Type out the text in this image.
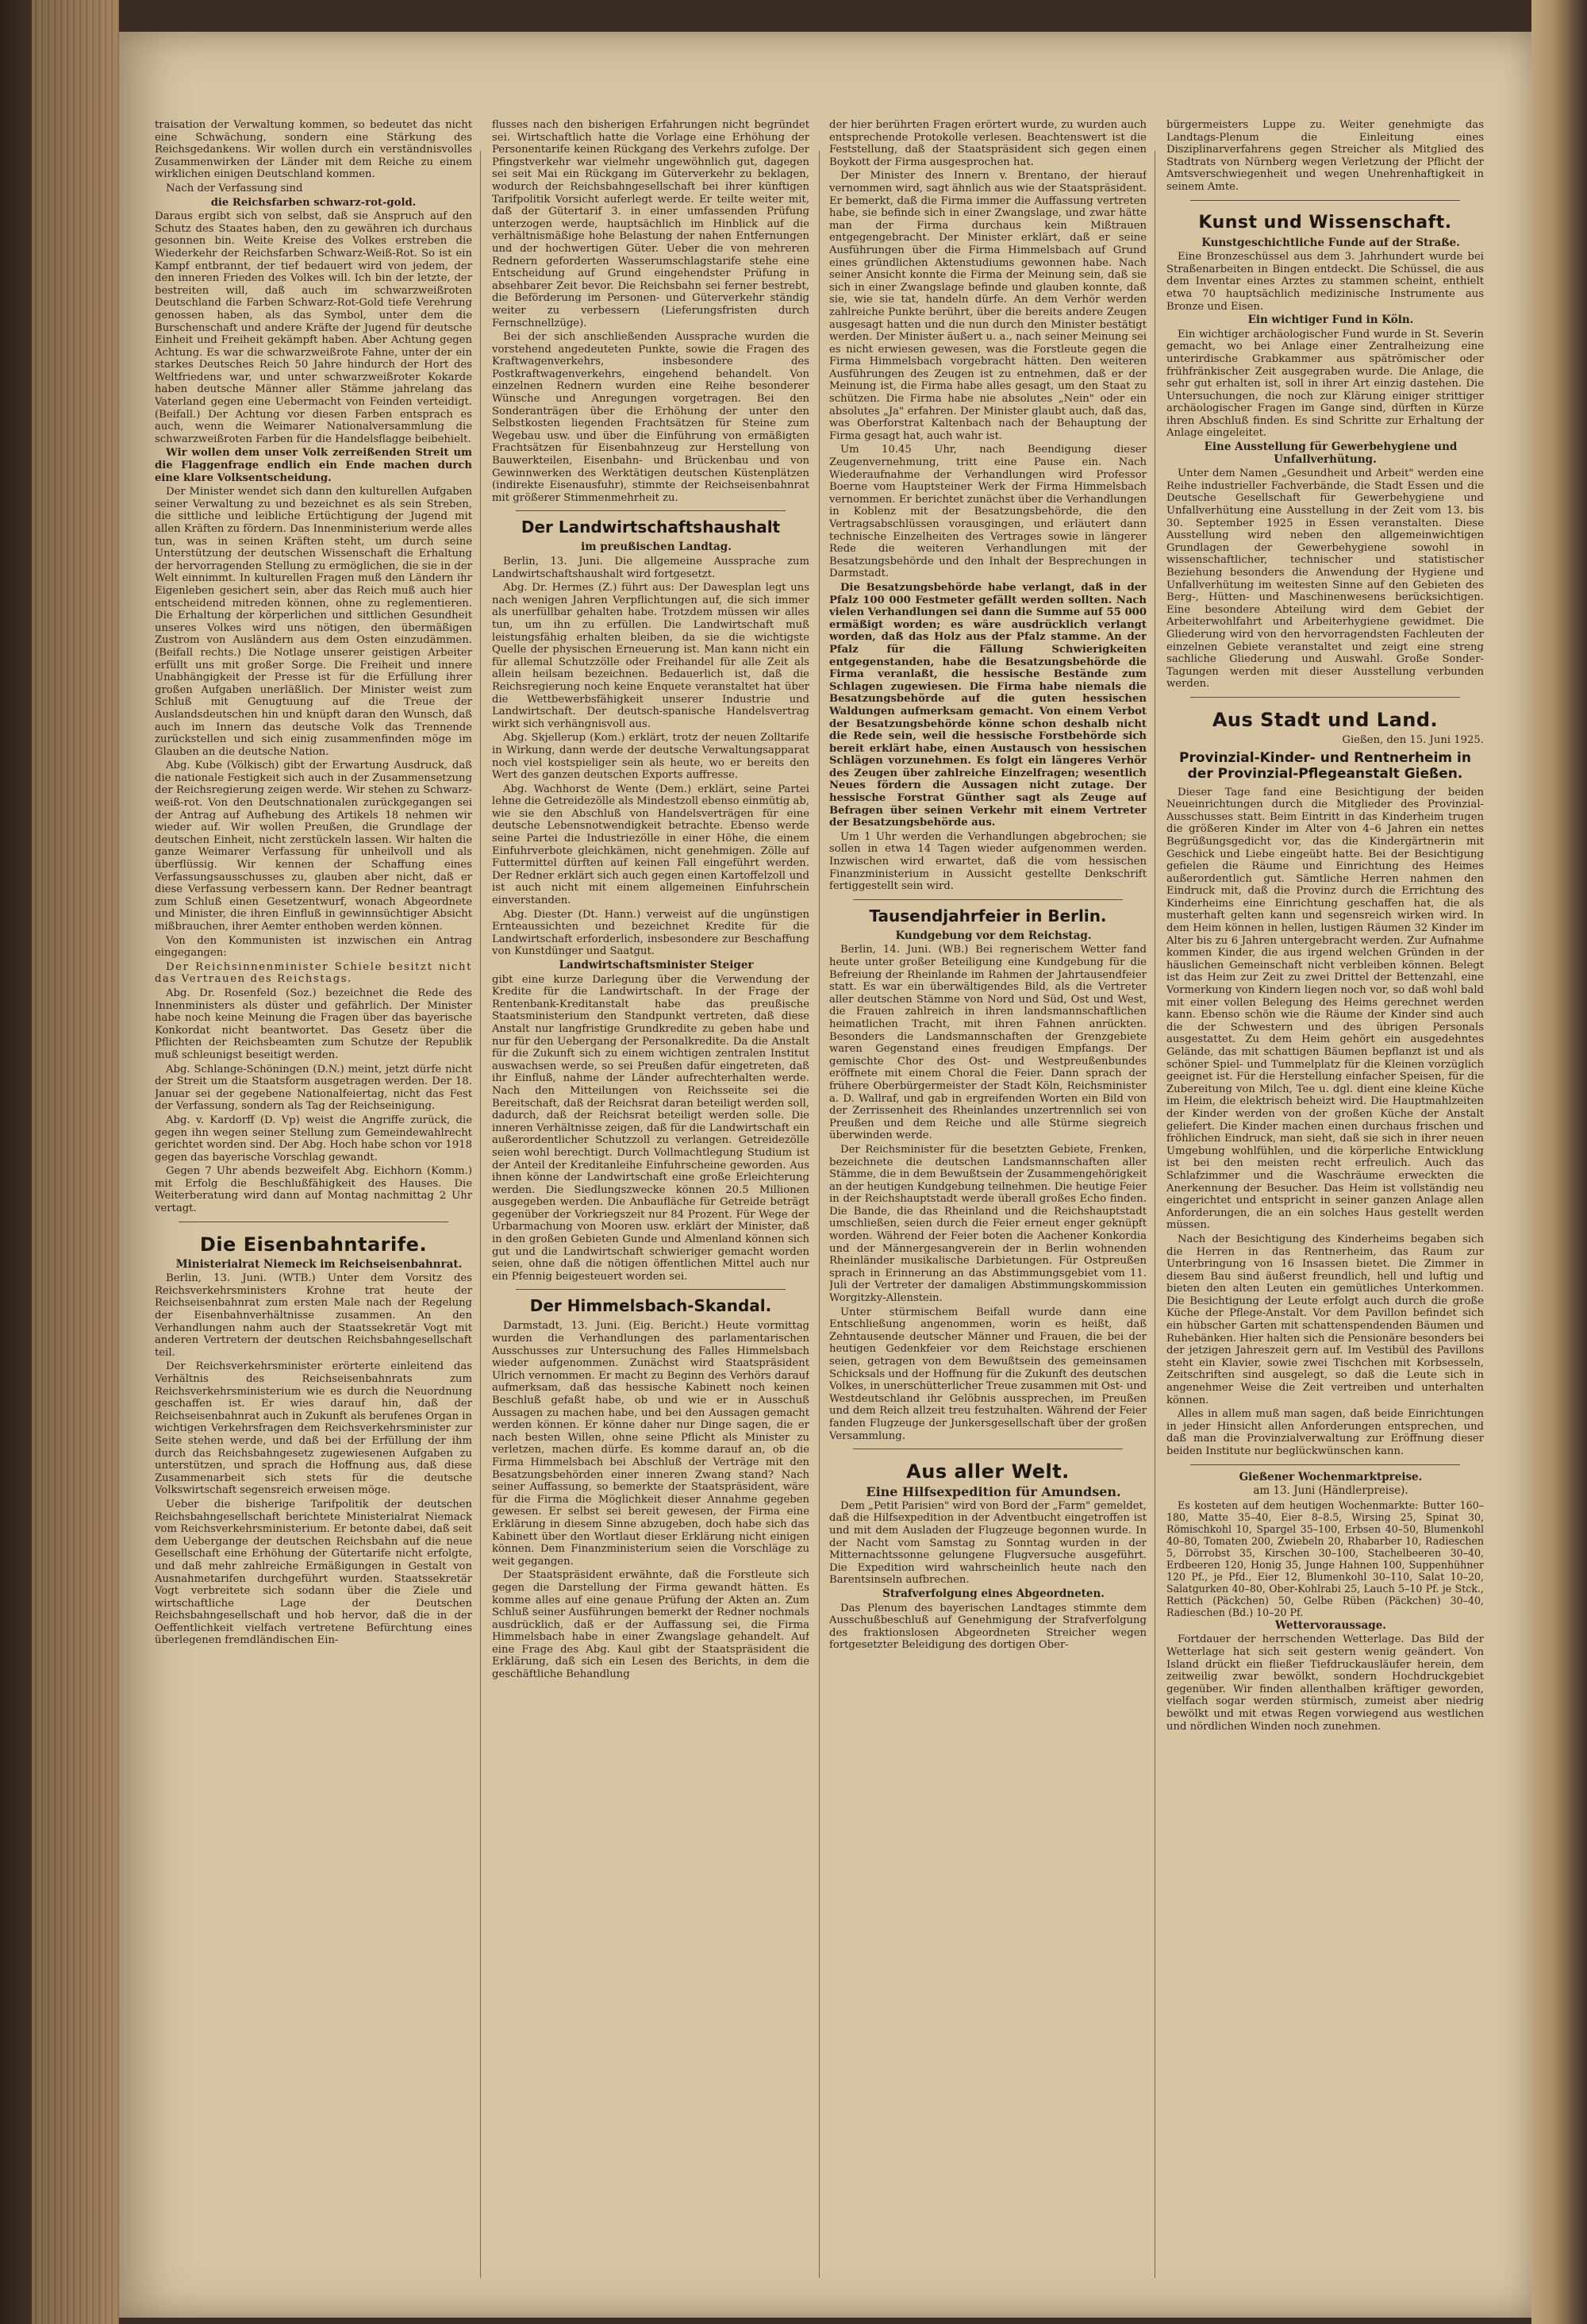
traisation der Verwaltung kommen, so bedeutet das nicht eine Schwächung, sondern eine Stärkung des Reichsgedankens. Wir wollen durch ein verständnisvolles Zusammenwirken der Länder mit dem Reiche zu einem wirklichen einigen Deutschland kommen.

Nach der Verfassung sind

die Reichsfarben schwarz-rot-gold.

Daraus ergibt sich von selbst, daß sie Anspruch auf den Schutz des Staates haben, den zu gewähren ich durchaus gesonnen bin. Weite Kreise des Volkes erstreben die Wiederkehr der Reichsfarben Schwarz-Weiß-Rot. So ist ein Kampf entbrannt, der tief bedauert wird von jedem, der den inneren Frieden des Volkes will. Ich bin der letzte, der bestreiten will, daß auch im schwarzweißroten Deutschland die Farben Schwarz-Rot-Gold tiefe Verehrung genossen haben, als das Symbol, unter dem die Burschenschaft und andere Kräfte der Jugend für deutsche Einheit und Freiheit gekämpft haben. Aber Achtung gegen Achtung. Es war die schwarzweißrote Fahne, unter der ein starkes Deutsches Reich 50 Jahre hindurch der Hort des Weltfriedens war, und unter schwarzweißroter Kokarde haben deutsche Männer aller Stämme jahrelang das Vaterland gegen eine Uebermacht von Feinden verteidigt. (Beifall.) Der Achtung vor diesen Farben entsprach es auch, wenn die Weimarer Nationalversammlung die schwarzweißroten Farben für die Handelsflagge beibehielt.

Wir wollen dem unser Volk zerreißenden Streit um die Flaggenfrage endlich ein Ende machen durch eine klare Volksentscheidung.

Der Minister wendet sich dann den kulturellen Aufgaben seiner Verwaltung zu und bezeichnet es als sein Streben, die sittliche und leibliche Ertüchtigung der Jugend mit allen Kräften zu fördern. Das Innenministerium werde alles tun, was in seinen Kräften steht, um durch seine Unterstützung der deutschen Wissenschaft die Erhaltung der hervorragenden Stellung zu ermöglichen, die sie in der Welt einnimmt. In kulturellen Fragen muß den Ländern ihr Eigenleben gesichert sein, aber das Reich muß auch hier entscheidend mitreden können, ohne zu reglementieren. Die Erhaltung der körperlichen und sittlichen Gesundheit unseres Volkes wird uns nötigen, den übermäßigen Zustrom von Ausländern aus dem Osten einzudämmen. (Beifall rechts.) Die Notlage unserer geistigen Arbeiter erfüllt uns mit großer Sorge. Die Freiheit und innere Unabhängigkeit der Presse ist für die Erfüllung ihrer großen Aufgaben unerläßlich. Der Minister weist zum Schluß mit Genugtuung auf die Treue der Auslandsdeutschen hin und knüpft daran den Wunsch, daß auch im Innern das deutsche Volk das Trennende zurückstellen und sich einig zusammenfinden möge im Glauben an die deutsche Nation.

Abg. Kube (Völkisch) gibt der Erwartung Ausdruck, daß die nationale Festigkeit sich auch in der Zusammensetzung der Reichsregierung zeigen werde. Wir stehen zu Schwarz-weiß-rot. Von den Deutschnationalen zurückgegangen sei der Antrag auf Aufhebung des Artikels 18 nehmen wir wieder auf. Wir wollen Preußen, die Grundlage der deutschen Einheit, nicht zerstückeln lassen. Wir halten die ganze Weimarer Verfassung für unheilvoll und als überflüssig. Wir kennen der Schaffung eines Verfassungsausschusses zu, glauben aber nicht, daß er diese Verfassung verbessern kann. Der Redner beantragt zum Schluß einen Gesetzentwurf, wonach Abgeordnete und Minister, die ihren Einfluß in gewinnsüchtiger Absicht mißbrauchen, ihrer Aemter enthoben werden können.

Von den Kommunisten ist inzwischen ein Antrag eingegangen:

Der Reichsinnenminister Schiele besitzt nicht das Vertrauen des Reichstags.

Abg. Dr. Rosenfeld (Soz.) bezeichnet die Rede des Innenministers als düster und gefährlich. Der Minister habe noch keine Meinung die Fragen über das bayerische Konkordat nicht beantwortet. Das Gesetz über die Pflichten der Reichsbeamten zum Schutze der Republik muß schleunigst beseitigt werden.

Abg. Schlange-Schöningen (D.N.) meint, jetzt dürfe nicht der Streit um die Staatsform ausgetragen werden. Der 18. Januar sei der gegebene Nationalfeiertag, nicht das Fest der Verfassung, sondern als Tag der Reichseinigung.

Abg. v. Kardorff (D. Vp) weist die Angriffe zurück, die gegen ihn wegen seiner Stellung zum Gemeindewahlrecht gerichtet worden sind. Der Abg. Hoch habe schon vor 1918 gegen das bayerische Vorschlag gewandt.

Gegen 7 Uhr abends bezweifelt Abg. Eichhorn (Komm.) mit Erfolg die Beschlußfähigkeit des Hauses. Die Weiterberatung wird dann auf Montag nachmittag 2 Uhr vertagt.

Die Eisenbahntarife.

Ministerialrat Niemeck im Reichseisenbahnrat.

Berlin, 13. Juni. (WTB.) Unter dem Vorsitz des Reichsverkehrsministers Krohne trat heute der Reichseisenbahnrat zum ersten Male nach der Regelung der Eisenbahnverhältnisse zusammen. An den Verhandlungen nahm auch der Staatssekretär Vogt mit anderen Vertretern der deutschen Reichsbahngesellschaft teil.

Der Reichsverkehrsminister erörterte einleitend das Verhältnis des Reichseisenbahnrats zum Reichsverkehrsministerium wie es durch die Neuordnung geschaffen ist. Er wies darauf hin, daß der Reichseisenbahnrat auch in Zukunft als berufenes Organ in wichtigen Verkehrsfragen dem Reichsverkehrsminister zur Seite stehen werde, und daß bei der Erfüllung der ihm durch das Reichsbahngesetz zugewiesenen Aufgaben zu unterstützen, und sprach die Hoffnung aus, daß diese Zusammenarbeit sich stets für die deutsche Volkswirtschaft segensreich erweisen möge.

Ueber die bisherige Tarifpolitik der deutschen Reichsbahngesellschaft berichtete Ministerialrat Niemack vom Reichsverkehrsministerium. Er betonte dabei, daß seit dem Uebergange der deutschen Reichsbahn auf die neue Gesellschaft eine Erhöhung der Gütertarife nicht erfolgte, und daß mehr zahlreiche Ermäßigungen in Gestalt von Ausnahmetarifen durchgeführt wurden. Staatssekretär Vogt verbreitete sich sodann über die Ziele und wirtschaftliche Lage der Deutschen Reichsbahngesellschaft und hob hervor, daß die in der Oeffentlichkeit vielfach vertretene Befürchtung eines überlegenen fremdländischen Ein-

flusses nach den bisherigen Erfahrungen nicht begründet sei. Wirtschaftlich hatte die Vorlage eine Erhöhung der Personentarife keinen Rückgang des Verkehrs zufolge. Der Pfingstverkehr war vielmehr ungewöhnlich gut, dagegen sei seit Mai ein Rückgang im Güterverkehr zu beklagen, wodurch der Reichsbahngesellschaft bei ihrer künftigen Tarifpolitik Vorsicht auferlegt werde. Er teilte weiter mit, daß der Gütertarif 3. in einer umfassenden Prüfung unterzogen werde, hauptsächlich im Hinblick auf die verhältnismäßige hohe Belastung der nahen Entfernungen und der hochwertigen Güter. Ueber die von mehreren Rednern geforderten Wasserumschlagstarife stehe eine Entscheidung auf Grund eingehendster Prüfung in absehbarer Zeit bevor. Die Reichsbahn sei ferner bestrebt, die Beförderung im Personen- und Güterverkehr ständig weiter zu verbessern (Lieferungsfristen durch Fernschnellzüge).

Bei der sich anschließenden Aussprache wurden die vorstehend angedeuteten Punkte, sowie die Fragen des Kraftwagenverkehrs, insbesondere des Postkraftwagenverkehrs, eingehend behandelt. Von einzelnen Rednern wurden eine Reihe besonderer Wünsche und Anregungen vorgetragen. Bei den Sonderanträgen über die Erhöhung der unter den Selbstkosten liegenden Frachtsätzen für Steine zum Wegebau usw. und über die Einführung von ermäßigten Frachtsätzen für Eisenbahnzeug zur Herstellung von Bauwerkteilen, Eisenbahn- und Brückenbau und von Gewinnwerken des Werktätigen deutschen Küstenplätzen (indirekte Eisenausfuhr), stimmte der Reichseisenbahnrat mit größerer Stimmenmehrheit zu.

Der Landwirtschaftshaushalt

im preußischen Landtag.

Berlin, 13. Juni. Die allgemeine Aussprache zum Landwirtschaftshaushalt wird fortgesetzt.

Abg. Dr. Hermes (Z.) führt aus: Der Dawesplan legt uns nach wenigen Jahren Verpflichtungen auf, die sich immer als unerfüllbar gehalten habe. Trotzdem müssen wir alles tun, um ihn zu erfüllen. Die Landwirtschaft muß leistungsfähig erhalten bleiben, da sie die wichtigste Quelle der physischen Erneuerung ist. Man kann nicht ein für allemal Schutzzölle oder Freihandel für alle Zeit als allein heilsam bezeichnen. Bedauerlich ist, daß die Reichsregierung noch keine Enquete veranstaltet hat über die Wettbewerbsfähigkeit unserer Industrie und Landwirtschaft. Der deutsch-spanische Handelsvertrag wirkt sich verhängnisvoll aus.

Abg. Skjellerup (Kom.) erklärt, trotz der neuen Zolltarife in Wirkung, dann werde der deutsche Verwaltungsapparat noch viel kostspieliger sein als heute, wo er bereits den Wert des ganzen deutschen Exports auffresse.

Abg. Wachhorst de Wente (Dem.) erklärt, seine Partei lehne die Getreidezölle als Mindestzoll ebenso einmütig ab, wie sie den Abschluß von Handelsverträgen für eine deutsche Lebensnotwendigkeit betrachte. Ebenso werde seine Partei die Industriezölle in einer Höhe, die einem Einfuhrverbote gleichkämen, nicht genehmigen. Zölle auf Futtermittel dürften auf keinen Fall eingeführt werden. Der Redner erklärt sich auch gegen einen Kartoffelzoll und ist auch nicht mit einem allgemeinen Einfuhrschein einverstanden.

Abg. Diester (Dt. Hann.) verweist auf die ungünstigen Ernteaussichten und bezeichnet Kredite für die Landwirtschaft erforderlich, insbesondere zur Beschaffung von Kunstdünger und Saatgut.

Landwirtschaftsminister Steiger

gibt eine kurze Darlegung über die Verwendung der Kredite für die Landwirtschaft. In der Frage der Rentenbank-Kreditanstalt habe das preußische Staatsministerium den Standpunkt vertreten, daß diese Anstalt nur langfristige Grundkredite zu geben habe und nur für den Uebergang der Personalkredite. Da die Anstalt für die Zukunft sich zu einem wichtigen zentralen Institut auswachsen werde, so sei Preußen dafür eingetreten, daß ihr Einfluß, nahme der Länder aufrechterhalten werde. Nach den Mitteilungen von Reichsseite sei die Bereitschaft, daß der Reichsrat daran beteiligt werden soll, dadurch, daß der Reichsrat beteiligt werden solle. Die inneren Verhältnisse zeigen, daß für die Landwirtschaft ein außerordentlicher Schutzzoll zu verlangen. Getreidezölle seien wohl berechtigt. Durch Vollmachtlegung Studium ist der Anteil der Kreditanleihe Einfuhrscheine geworden. Aus ihnen könne der Landwirtschaft eine große Erleichterung werden. Die Siedlungszwecke können 20.5 Millionen ausgegeben werden. Die Anbaufläche für Getreide beträgt gegenüber der Vorkriegszeit nur 84 Prozent. Für Wege der Urbarmachung von Mooren usw. erklärt der Minister, daß in den großen Gebieten Gunde und Almenland können sich gut und die Landwirtschaft schwieriger gemacht worden seien, ohne daß die nötigen öffentlichen Mittel auch nur ein Pfennig beigesteuert worden sei.

Der Himmelsbach-Skandal.

Darmstadt, 13. Juni. (Eig. Bericht.) Heute vormittag wurden die Verhandlungen des parlamentarischen Ausschusses zur Untersuchung des Falles Himmelsbach wieder aufgenommen. Zunächst wird Staatspräsident Ulrich vernommen. Er macht zu Beginn des Verhörs darauf aufmerksam, daß das hessische Kabinett noch keinen Beschluß gefaßt habe, ob und wie er in Ausschuß Aussagen zu machen habe, und bei den Aussagen gemacht werden können. Er könne daher nur Dinge sagen, die er nach besten Willen, ohne seine Pflicht als Minister zu verletzen, machen dürfe. Es komme darauf an, ob die Firma Himmelsbach bei Abschluß der Verträge mit den Besatzungsbehörden einer inneren Zwang stand? Nach seiner Auffassung, so bemerkte der Staatspräsident, wäre für die Firma die Möglichkeit dieser Annahme gegeben gewesen. Er selbst sei bereit gewesen, der Firma eine Erklärung in diesem Sinne abzugeben, doch habe sich das Kabinett über den Wortlaut dieser Erklärung nicht einigen können. Dem Finanzministerium seien die Vorschläge zu weit gegangen.

Der Staatspräsident erwähnte, daß die Forstleute sich gegen die Darstellung der Firma gewandt hätten. Es komme alles auf eine genaue Prüfung der Akten an. Zum Schluß seiner Ausführungen bemerkt der Redner nochmals ausdrücklich, daß er der Auffassung sei, die Firma Himmelsbach habe in einer Zwangslage gehandelt. Auf eine Frage des Abg. Kaul gibt der Staatspräsident die Erklärung, daß sich ein Lesen des Berichts, in dem die geschäftliche Behandlung

der hier berührten Fragen erörtert wurde, zu wurden auch entsprechende Protokolle verlesen. Beachtenswert ist die Feststellung, daß der Staatspräsident sich gegen einen Boykott der Firma ausgesprochen hat.

Der Minister des Innern v. Brentano, der hierauf vernommen wird, sagt ähnlich aus wie der Staatspräsident. Er bemerkt, daß die Firma immer die Auffassung vertreten habe, sie befinde sich in einer Zwangslage, und zwar hätte man der Firma durchaus kein Mißtrauen entgegengebracht. Der Minister erklärt, daß er seine Ausführungen über die Firma Himmelsbach auf Grund eines gründlichen Aktenstudiums gewonnen habe. Nach seiner Ansicht konnte die Firma der Meinung sein, daß sie sich in einer Zwangslage befinde und glauben konnte, daß sie, wie sie tat, handeln dürfe. An dem Verhör werden zahlreiche Punkte berührt, über die bereits andere Zeugen ausgesagt hatten und die nun durch den Minister bestätigt werden. Der Minister äußert u. a., nach seiner Meinung sei es nicht erwiesen gewesen, was die Forstleute gegen die Firma Himmelsbach vorgebracht hätten. Den weiteren Ausführungen des Zeugen ist zu entnehmen, daß er der Meinung ist, die Firma habe alles gesagt, um den Staat zu schützen. Die Firma habe nie absolutes „Nein" oder ein absolutes „Ja" erfahren. Der Minister glaubt auch, daß das, was Oberforstrat Kaltenbach nach der Behauptung der Firma gesagt hat, auch wahr ist.

Um 10.45 Uhr, nach Beendigung dieser Zeugenvernehmung, tritt eine Pause ein. Nach Wiederaufnahme der Verhandlungen wird Professor Boerne vom Hauptsteiner Werk der Firma Himmelsbach vernommen. Er berichtet zunächst über die Verhandlungen in Koblenz mit der Besatzungsbehörde, die den Vertragsabschlüssen vorausgingen, und erläutert dann technische Einzelheiten des Vertrages sowie in längerer Rede die weiteren Verhandlungen mit der Besatzungsbehörde und den Inhalt der Besprechungen in Darmstadt.

Die Besatzungsbehörde habe verlangt, daß in der Pfalz 100 000 Festmeter gefällt werden sollten. Nach vielen Verhandlungen sei dann die Summe auf 55 000 ermäßigt worden; es wäre ausdrücklich verlangt worden, daß das Holz aus der Pfalz stamme. An der Pfalz für die Fällung Schwierigkeiten entgegenstanden, habe die Besatzungsbehörde die Firma veranlaßt, die hessische Bestände zum Schlagen zugewiesen. Die Firma habe niemals die Besatzungsbehörde auf die guten hessischen Waldungen aufmerksam gemacht. Von einem Verbot der Besatzungsbehörde könne schon deshalb nicht die Rede sein, weil die hessische Forstbehörde sich bereit erklärt habe, einen Austausch von hessischen Schlägen vorzunehmen. Es folgt ein längeres Verhör des Zeugen über zahlreiche Einzelfragen; wesentlich Neues fördern die Aussagen nicht zutage. Der hessische Forstrat Günther sagt als Zeuge auf Befragen über seinen Verkehr mit einem Vertreter der Besatzungsbehörde aus.

Um 1 Uhr werden die Verhandlungen abgebrochen; sie sollen in etwa 14 Tagen wieder aufgenommen werden. Inzwischen wird erwartet, daß die vom hessischen Finanzministerium in Aussicht gestellte Denkschrift fertiggestellt sein wird.

Tausendjahrfeier in Berlin.

Kundgebung vor dem Reichstag.

Berlin, 14. Juni. (WB.) Bei regnerischem Wetter fand heute unter großer Beteiligung eine Kundgebung für die Befreiung der Rheinlande im Rahmen der Jahrtausendfeier statt. Es war ein überwältigendes Bild, als die Vertreter aller deutschen Stämme von Nord und Süd, Ost und West, die Frauen zahlreich in ihren landsmannschaftlichen heimatlichen Tracht, mit ihren Fahnen anrückten. Besonders die Landsmannschaften der Grenzgebiete waren Gegenstand eines freudigen Empfangs. Der gemischte Chor des Ost- und Westpreußenbundes eröffnete mit einem Choral die Feier. Dann sprach der frühere Oberbürgermeister der Stadt Köln, Reichsminister a. D. Wallraf, und gab in ergreifenden Worten ein Bild von der Zerrissenheit des Rheinlandes unzertrennlich sei von Preußen und dem Reiche und alle Stürme siegreich überwinden werde.

Der Reichsminister für die besetzten Gebiete, Frenken, bezeichnete die deutschen Landsmannschaften aller Stämme, die in dem Bewußtsein der Zusammengehörigkeit an der heutigen Kundgebung teilnehmen. Die heutige Feier in der Reichshauptstadt werde überall großes Echo finden. Die Bande, die das Rheinland und die Reichshauptstadt umschließen, seien durch die Feier erneut enger geknüpft worden. Während der Feier boten die Aachener Konkordia und der Männergesangverein der in Berlin wohnenden Rheinländer musikalische Darbietungen. Für Ostpreußen sprach in Erinnerung an das Abstimmungsgebiet vom 11. Juli der Vertreter der damaligen Abstimmungskommission Worgitzky-Allenstein.

Unter stürmischem Beifall wurde dann eine Entschließung angenommen, worin es heißt, daß Zehntausende deutscher Männer und Frauen, die bei der heutigen Gedenkfeier vor dem Reichstage erschienen seien, getragen von dem Bewußtsein des gemeinsamen Schicksals und der Hoffnung für die Zukunft des deutschen Volkes, in unerschütterlicher Treue zusammen mit Ost- und Westdeutschland ihr Gelöbnis aussprechen, im Preußen und dem Reich allzeit treu festzuhalten. Während der Feier fanden Flugzeuge der Junkersgesellschaft über der großen Versammlung.

Aus aller Welt.

Eine Hilfsexpedition für Amundsen.

Dem „Petit Parisien" wird von Bord der „Farm" gemeldet, daß die Hilfsexpedition in der Adventbucht eingetroffen ist und mit dem Ausladen der Flugzeuge begonnen wurde. In der Nacht vom Samstag zu Sonntag wurden in der Mitternachtssonne gelungene Flugversuche ausgeführt. Die Expedition wird wahrscheinlich heute nach den Barentsinseln aufbrechen.

Strafverfolgung eines Abgeordneten.

Das Plenum des bayerischen Landtages stimmte dem Ausschußbeschluß auf Genehmigung der Strafverfolgung des fraktionslosen Abgeordneten Streicher wegen fortgesetzter Beleidigung des dortigen Ober-

bürgermeisters Luppe zu. Weiter genehmigte das Landtags-Plenum die Einleitung eines Disziplinarverfahrens gegen Streicher als Mitglied des Stadtrats von Nürnberg wegen Verletzung der Pflicht der Amtsverschwiegenheit und wegen Unehrenhaftigkeit in seinem Amte.

Kunst und Wissenschaft.

Kunstgeschichtliche Funde auf der Straße.

Eine Bronzeschüssel aus dem 3. Jahrhundert wurde bei Straßenarbeiten in Bingen entdeckt. Die Schüssel, die aus dem Inventar eines Arztes zu stammen scheint, enthielt etwa 70 hauptsächlich medizinische Instrumente aus Bronze und Eisen.

Ein wichtiger Fund in Köln.

Ein wichtiger archäologischer Fund wurde in St. Severin gemacht, wo bei Anlage einer Zentralheizung eine unterirdische Grabkammer aus spätrömischer oder frühfränkischer Zeit ausgegraben wurde. Die Anlage, die sehr gut erhalten ist, soll in ihrer Art einzig dastehen. Die Untersuchungen, die noch zur Klärung einiger strittiger archäologischer Fragen im Gange sind, dürften in Kürze ihren Abschluß finden. Es sind Schritte zur Erhaltung der Anlage eingeleitet.

Eine Ausstellung für Gewerbehygiene und Unfallverhütung.

Unter dem Namen „Gesundheit und Arbeit" werden eine Reihe industrieller Fachverbände, die Stadt Essen und die Deutsche Gesellschaft für Gewerbehygiene und Unfallverhütung eine Ausstellung in der Zeit vom 13. bis 30. September 1925 in Essen veranstalten. Diese Ausstellung wird neben den allgemeinwichtigen Grundlagen der Gewerbehygiene sowohl in wissenschaftlicher, technischer und statistischer Beziehung besonders die Anwendung der Hygiene und Unfallverhütung im weitesten Sinne auf den Gebieten des Berg-, Hütten- und Maschinenwesens berücksichtigen. Eine besondere Abteilung wird dem Gebiet der Arbeiterwohlfahrt und Arbeiterhygiene gewidmet. Die Gliederung wird von den hervorragendsten Fachleuten der einzelnen Gebiete veranstaltet und zeigt eine streng sachliche Gliederung und Auswahl. Große Sonder-Tagungen werden mit dieser Ausstellung verbunden werden.

Aus Stadt und Land.

Gießen, den 15. Juni 1925.

Provinzial-Kinder- und Rentnerheim in der Provinzial-Pflegeanstalt Gießen.

Dieser Tage fand eine Besichtigung der beiden Neueinrichtungen durch die Mitglieder des Provinzial-Ausschusses statt. Beim Eintritt in das Kinderheim trugen die größeren Kinder im Alter von 4–6 Jahren ein nettes Begrüßungsgedicht vor, das die Kindergärtnerin mit Geschick und Liebe eingeübt hatte. Bei der Besichtigung gefielen die Räume und Einrichtung des Heimes außerordentlich gut. Sämtliche Herren nahmen den Eindruck mit, daß die Provinz durch die Errichtung des Kinderheims eine Einrichtung geschaffen hat, die als musterhaft gelten kann und segensreich wirken wird. In dem Heim können in hellen, lustigen Räumen 32 Kinder im Alter bis zu 6 Jahren untergebracht werden. Zur Aufnahme kommen Kinder, die aus irgend welchen Gründen in der häuslichen Gemeinschaft nicht verbleiben können. Belegt ist das Heim zur Zeit zu zwei Drittel der Bettenzahl, eine Vormerkung von Kindern liegen noch vor, so daß wohl bald mit einer vollen Belegung des Heims gerechnet werden kann. Ebenso schön wie die Räume der Kinder sind auch die der Schwestern und des übrigen Personals ausgestattet. Zu dem Heim gehört ein ausgedehntes Gelände, das mit schattigen Bäumen bepflanzt ist und als schöner Spiel- und Tummelplatz für die Kleinen vorzüglich geeignet ist. Für die Herstellung einfacher Speisen, für die Zubereitung von Milch, Tee u. dgl. dient eine kleine Küche im Heim, die elektrisch beheizt wird. Die Hauptmahlzeiten der Kinder werden von der großen Küche der Anstalt geliefert. Die Kinder machen einen durchaus frischen und fröhlichen Eindruck, man sieht, daß sie sich in ihrer neuen Umgebung wohlfühlen, und die körperliche Entwicklung ist bei den meisten recht erfreulich. Auch das Schlafzimmer und die Waschräume erweckten die Anerkennung der Besucher. Das Heim ist vollständig neu eingerichtet und entspricht in seiner ganzen Anlage allen Anforderungen, die an ein solches Haus gestellt werden müssen.

Nach der Besichtigung des Kinderheims begaben sich die Herren in das Rentnerheim, das Raum zur Unterbringung von 16 Insassen bietet. Die Zimmer in diesem Bau sind äußerst freundlich, hell und luftig und bieten den alten Leuten ein gemütliches Unterkommen. Die Besichtigung der Leute erfolgt auch durch die große Küche der Pflege-Anstalt. Vor dem Pavillon befindet sich ein hübscher Garten mit schattenspendenden Bäumen und Ruhebänken. Hier halten sich die Pensionäre besonders bei der jetzigen Jahreszeit gern auf. Im Vestibül des Pavillons steht ein Klavier, sowie zwei Tischchen mit Korbsesseln, Zeitschriften sind ausgelegt, so daß die Leute sich in angenehmer Weise die Zeit vertreiben und unterhalten können.

Alles in allem muß man sagen, daß beide Einrichtungen in jeder Hinsicht allen Anforderungen entsprechen, und daß man die Provinzialverwaltung zur Eröffnung dieser beiden Institute nur beglückwünschen kann.

Gießener Wochenmarktpreise.

am 13. Juni (Händlerpreise).

Es kosteten auf dem heutigen Wochenmarkte: Butter 160–180, Matte 35–40, Eier 8–8.5, Wirsing 25, Spinat 30, Römischkohl 10, Spargel 35–100, Erbsen 40–50, Blumenkohl 40–80, Tomaten 200, Zwiebeln 20, Rhabarber 10, Radieschen 5, Dörrobst 35, Kirschen 30–100, Stachelbeeren 30–40, Erdbeeren 120, Honig 35, Junge Hahnen 100, Suppenhühner 120 Pf., je Pfd., Eier 12, Blumenkohl 30–110, Salat 10–20, Salatgurken 40–80, Ober-Kohlrabi 25, Lauch 5–10 Pf. je Stck., Rettich (Päckchen) 50, Gelbe Rüben (Päckchen) 30–40, Radieschen (Bd.) 10–20 Pf.

Wettervoraussage.

Fortdauer der herrschenden Wetterlage. Das Bild der Wetterlage hat sich seit gestern wenig geändert. Von Island drückt ein fließer Tiefdruckausläufer herein, dem zeitweilig zwar bewölkt, sondern Hochdruckgebiet gegenüber. Wir finden allenthalben kräftiger geworden, vielfach sogar werden stürmisch, zumeist aber niedrig bewölkt und mit etwas Regen vorwiegend aus westlichen und nördlichen Winden noch zunehmen.
